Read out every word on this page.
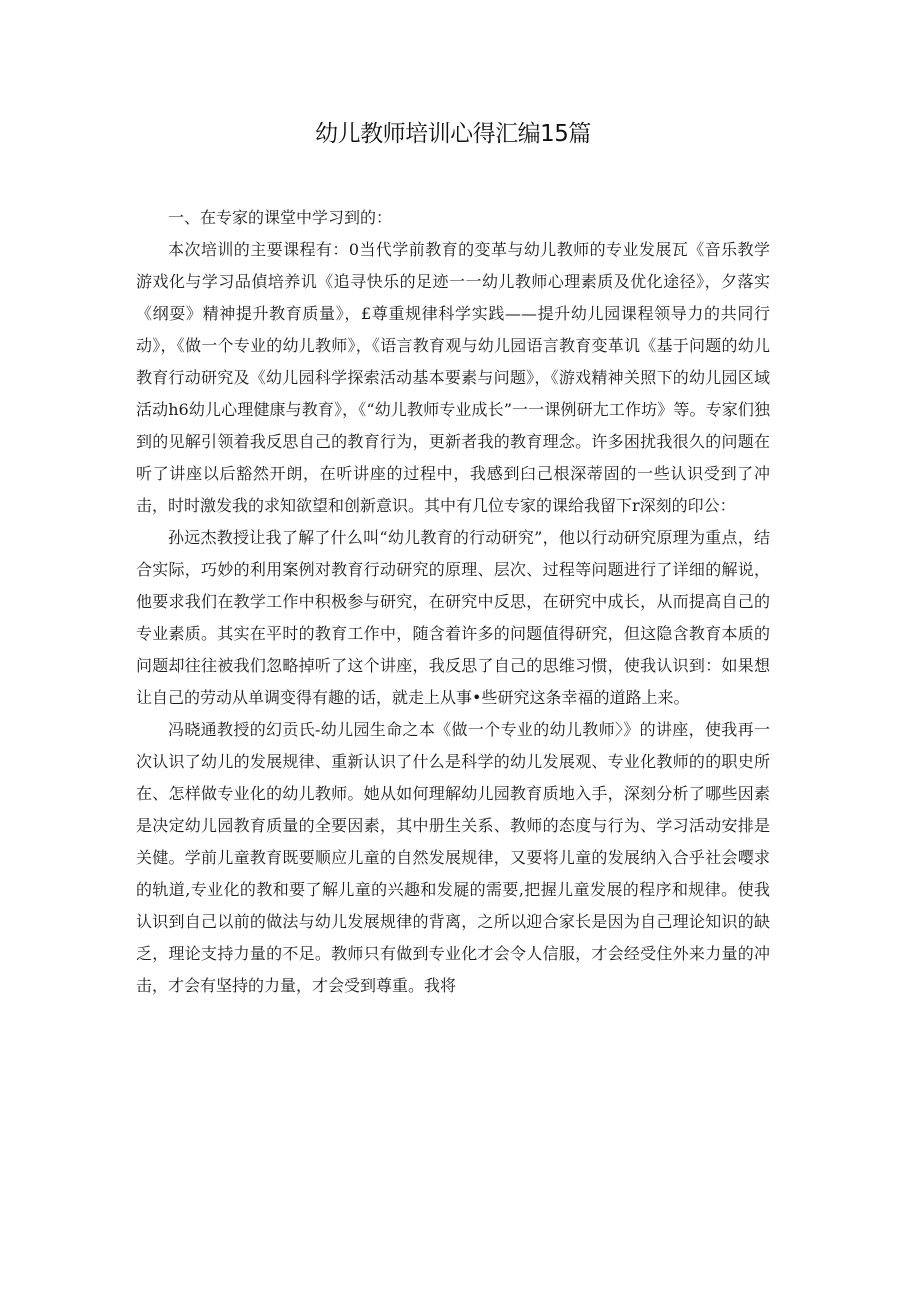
幼儿教师培训心得汇编15篇

一、在专家的课堂中学习到的：

本次培训的主要课程有：0当代学前教育的变革与幼儿教师的专业发展瓦《音乐教学游戏化与学习品偵培养讥《追寻快乐的足迹一一幼儿教师心理素质及优化途径》，夕落实《纲耍》精神提升教育质量》，£尊重规律科学实践——提升幼儿园课程领导力的共同行动》，《做一个专业的幼儿教师》，《语言教育观与幼儿园语言教育变革讥《基于问题的幼儿教育行动研究及《幼儿园科学探索活动基本要素与问题》，《游戏精神关照下的幼儿园区域活动h6幼儿心理健康与教育》，《“幼儿教师专业成长”一一课例研尢工作坊》等。专家们独到的见解引领着我反思自己的教育行为，更新者我的教育理念。许多困扰我很久的问题在听了讲座以后豁然开朗，在听讲座的过程中，我感到臼己根深蒂固的一些认识受到了冲击，时时激发我的求知欲望和创新意识。其中有几位专家的课给我留下r深刻的印公：

孙远杰教授让我了解了什么叫“幼儿教育的行动研究”，他以行动研究原理为重点，结合实际，巧妙的利用案例对教育行动研究的原理、层次、过程等问题进行了详细的解说，他要求我们在教学工作中积极参与研究，在研究中反思，在研究中成长，从而提高自己的专业素质。其实在平时的教育工作中，随含着许多的问题值得研究，但这隐含教育本质的问题却往往被我们忽略掉听了这个讲座，我反思了自己的思维习惯，使我认识到：如果想让自己的劳动从单调变得有趣的话，就走上从事•些研究这条幸福的道路上来。

冯晓通教授的幻贡氏-幼儿园生命之本《做一个专业的幼儿教师〉》的讲座，使我再一次认识了幼儿的发展规律、重新认识了什么是科学的幼儿发展观、专业化教师的的职史所在、怎样做专业化的幼儿教师。她从如何理解幼儿园教育质地入手，深刻分析了哪些因素是决定幼儿园教育质量的全要因素，其中册生关系、教师的态度与行为、学习活动安排是关健。学前儿童教育既要顺应儿童的自然发展规律，又要将儿童的发展纳入合乎社会嘤求的轨道,专业化的教和要了解儿童的兴趣和发屣的需要,把握儿童发展的程序和规律。使我认识到自己以前的做法与幼儿发展规律的背离，之所以迎合家长是因为自己理论知识的缺乏，理论支持力量的不足。教师只有做到专业化才会令人信服，才会经受住外来力量的冲击，才会有坚持的力量，才会受到尊重。我将
